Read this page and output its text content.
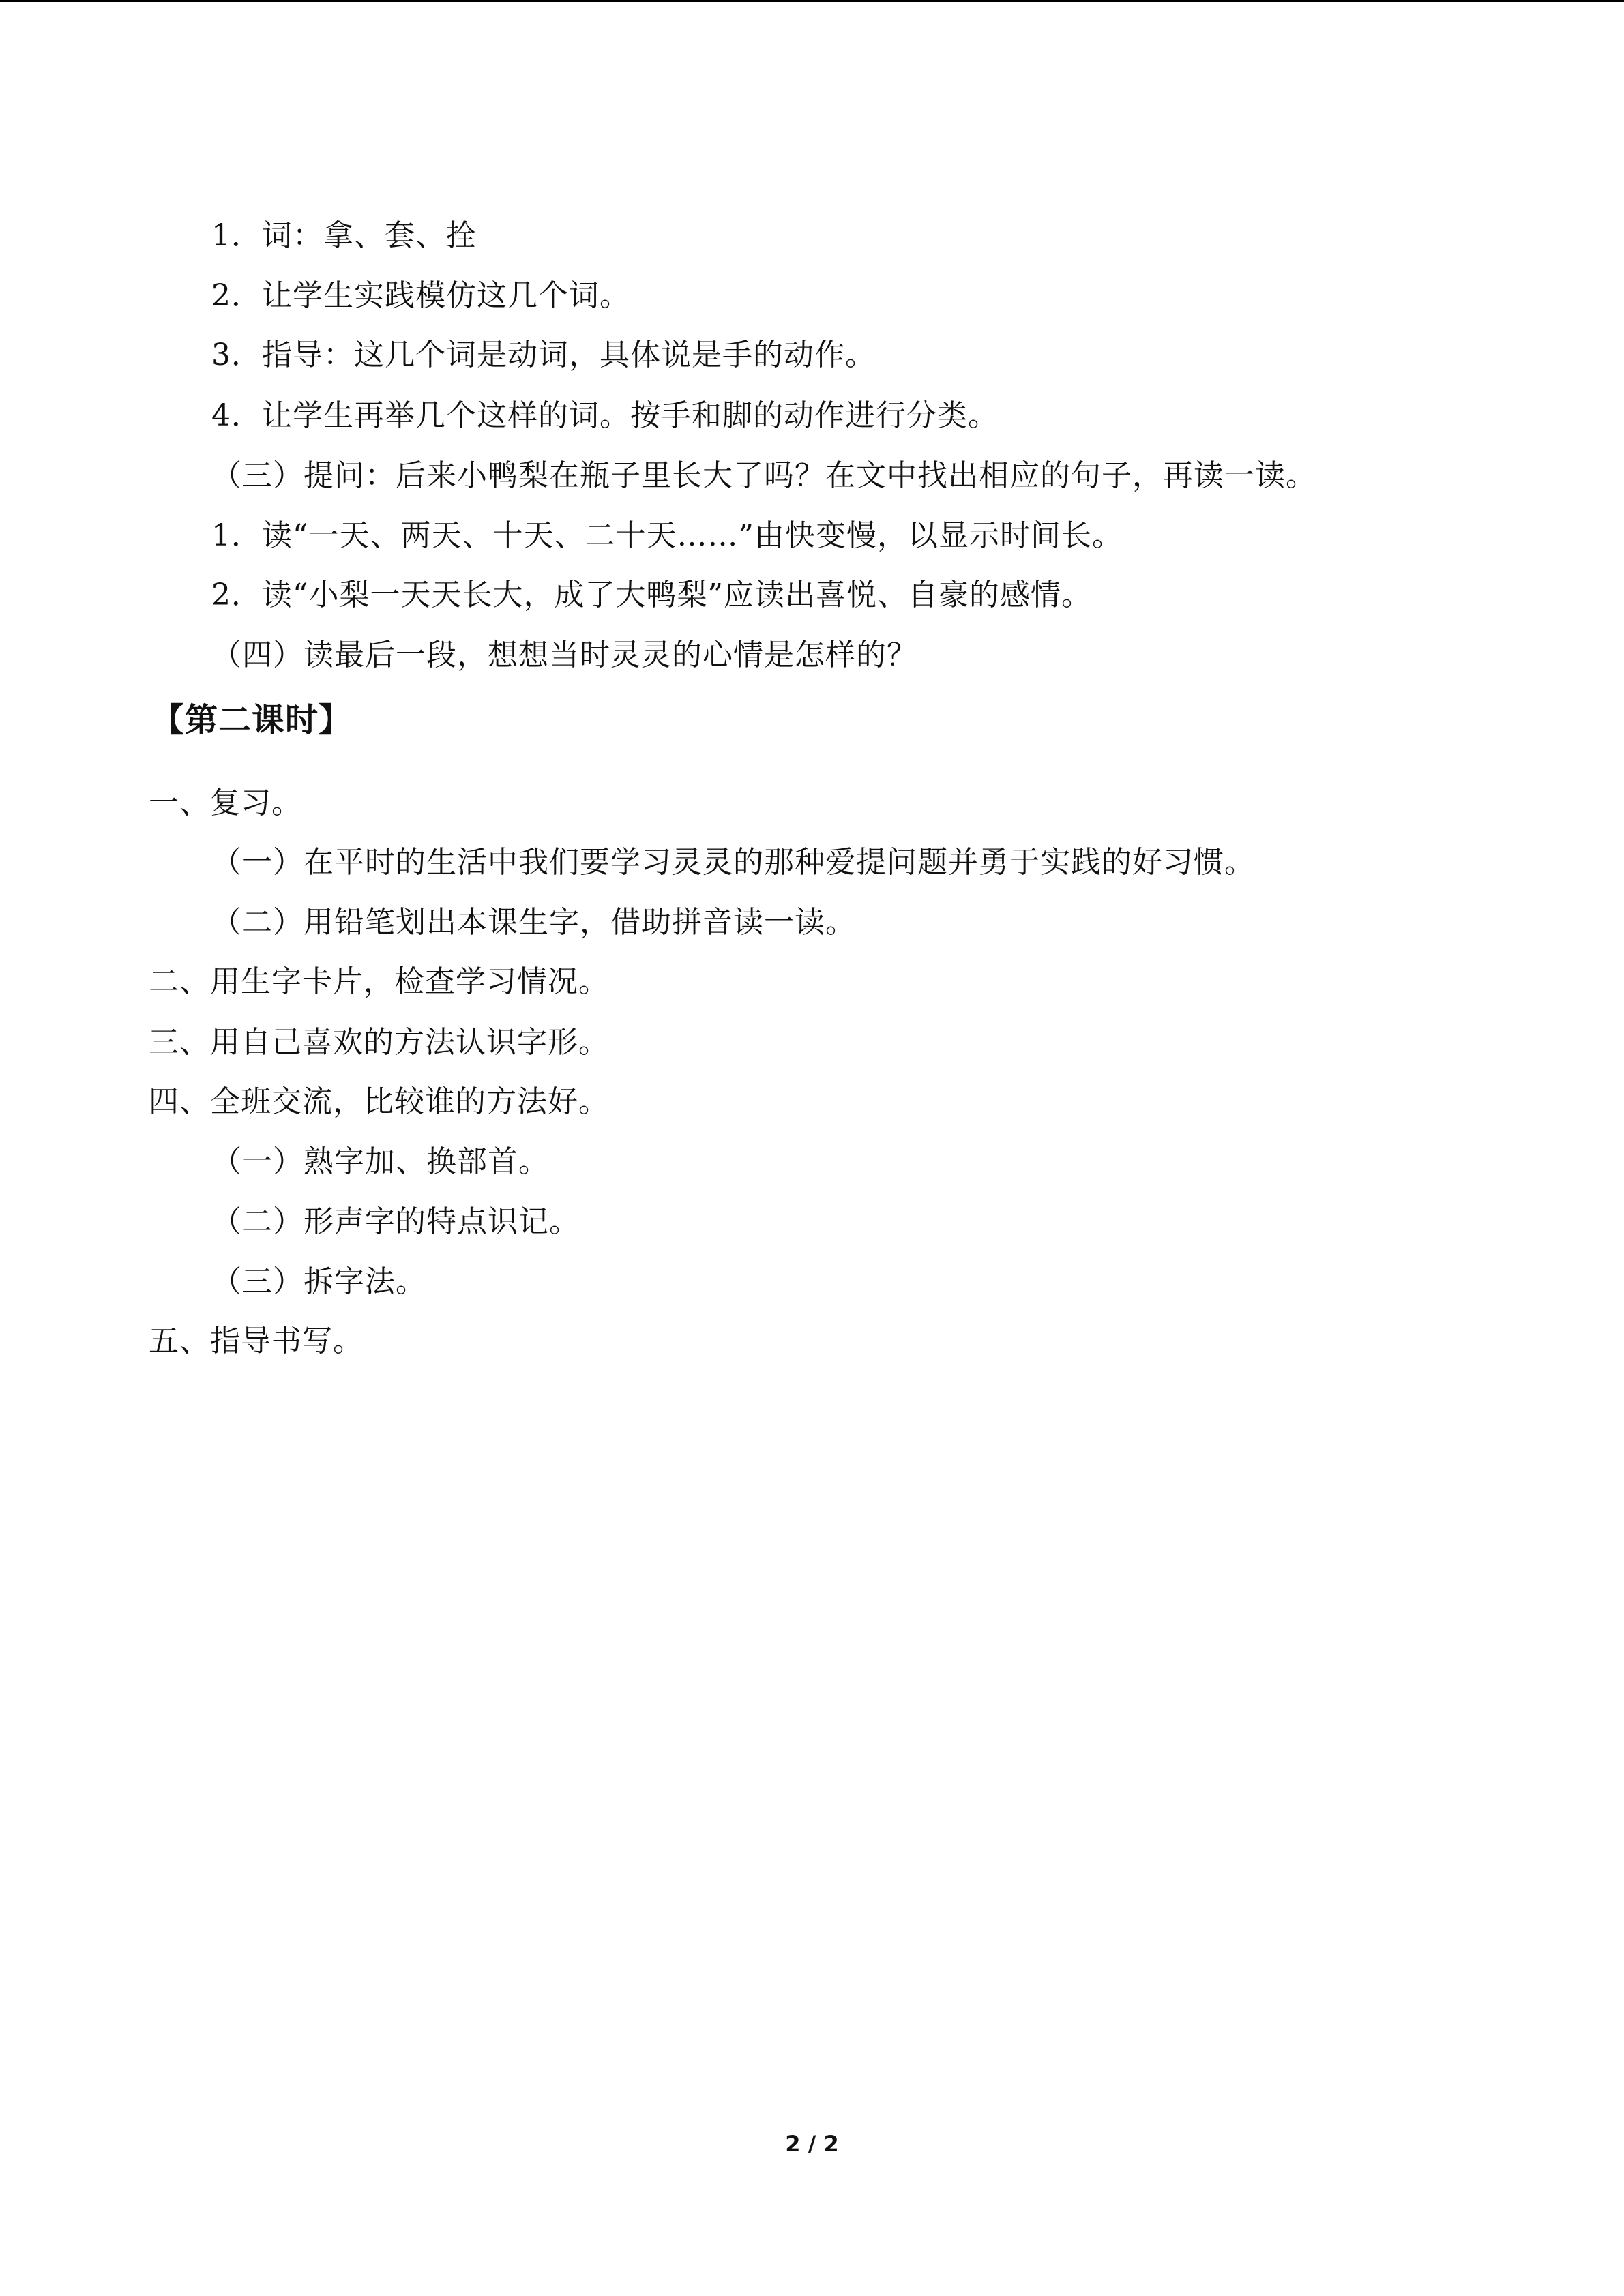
1．词：拿、套、拴
2．让学生实践模仿这几个词。
3．指导：这几个词是动词，具体说是手的动作。
4．让学生再举几个这样的词。按手和脚的动作进行分类。
（三）提问：后来小鸭梨在瓶子里长大了吗？在文中找出相应的句子，再读一读。
1．读“一天、两天、十天、二十天……”由快变慢，以显示时间长。
2．读“小梨一天天长大，成了大鸭梨”应读出喜悦、自豪的感情。
（四）读最后一段，想想当时灵灵的心情是怎样的？
【第二课时】
一、复习。
（一）在平时的生活中我们要学习灵灵的那种爱提问题并勇于实践的好习惯。
（二）用铅笔划出本课生字，借助拼音读一读。
二、用生字卡片，检查学习情况。
三、用自己喜欢的方法认识字形。
四、全班交流，比较谁的方法好。
（一）熟字加、换部首。
（二）形声字的特点识记。
（三）拆字法。
五、指导书写。
2 / 2
